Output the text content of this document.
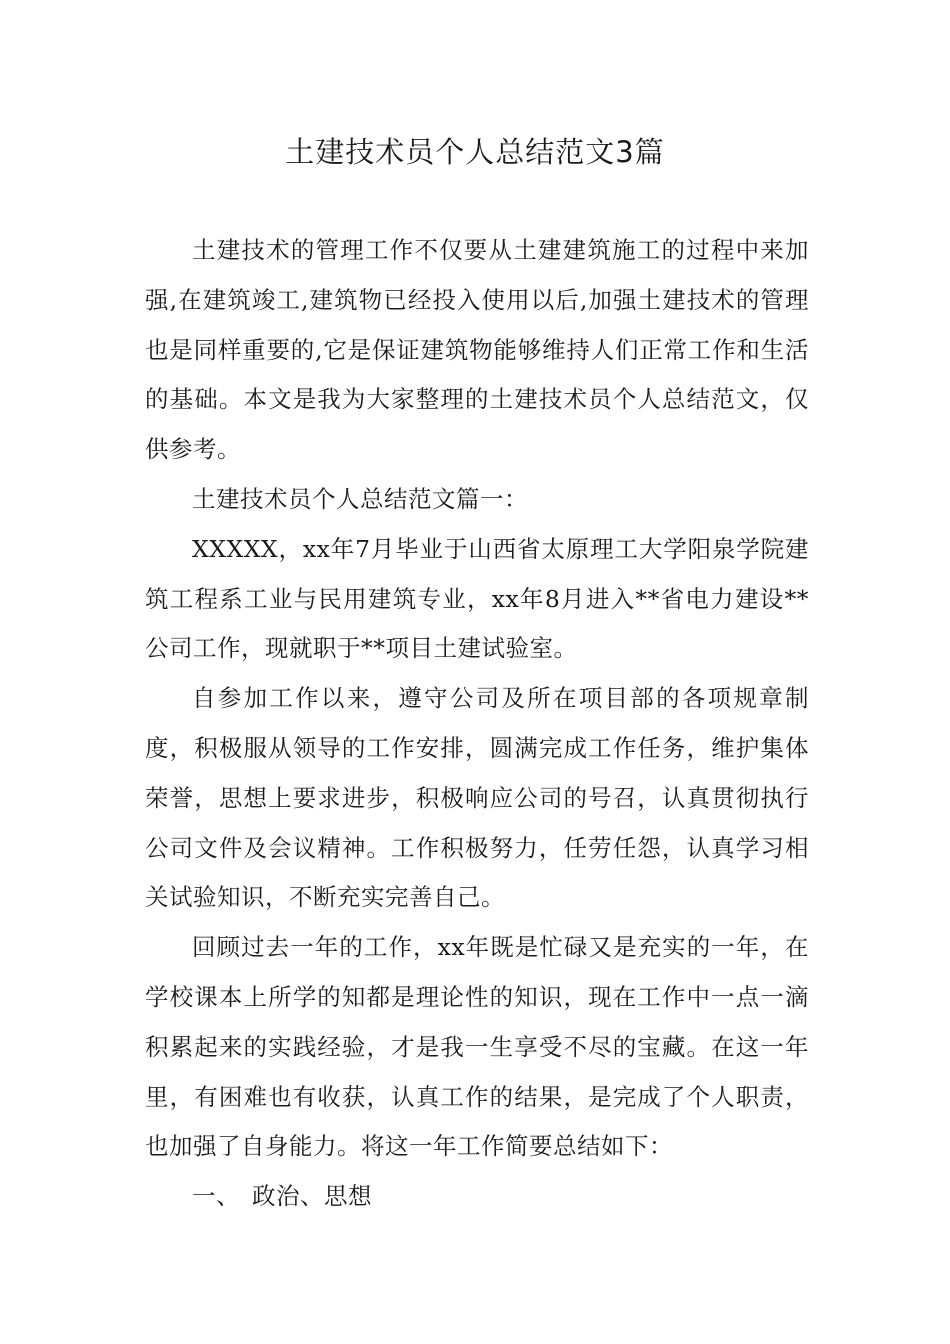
土建技术员个人总结范文3篇

土建技术的管理工作不仅要从土建建筑施工的过程中来加强,在建筑竣工,建筑物已经投入使用以后,加强土建技术的管理也是同样重要的,它是保证建筑物能够维持人们正常工作和生活的基础。本文是我为大家整理的土建技术员个人总结范文，仅供参考。

土建技术员个人总结范文篇一：

XXXXX，xx年7月毕业于山西省太原理工大学阳泉学院建筑工程系工业与民用建筑专业，xx年8月进入**省电力建设**公司工作，现就职于**项目土建试验室。

自参加工作以来，遵守公司及所在项目部的各项规章制度，积极服从领导的工作安排，圆满完成工作任务，维护集体荣誉，思想上要求进步，积极响应公司的号召，认真贯彻执行公司文件及会议精神。工作积极努力，任劳任怨，认真学习相关试验知识，不断充实完善自己。

回顾过去一年的工作，xx年既是忙碌又是充实的一年，在学校课本上所学的知都是理论性的知识，现在工作中一点一滴积累起来的实践经验，才是我一生享受不尽的宝藏。在这一年里，有困难也有收获，认真工作的结果，是完成了个人职责，也加强了自身能力。将这一年工作简要总结如下：

一、 政治、思想
